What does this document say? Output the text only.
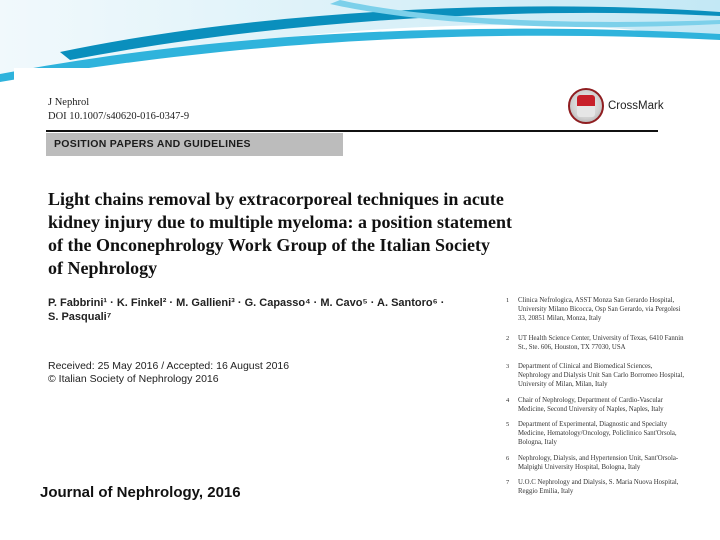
J Nephrol
DOI 10.1007/s40620-016-0347-9
CrossMark
POSITION PAPERS AND GUIDELINES
Light chains removal by extracorporeal techniques in acute
kidney injury due to multiple myeloma: a position statement
of the Onconephrology Work Group of the Italian Society
of Nephrology
P. Fabbrini¹ · K. Finkel² · M. Gallieni³ · G. Capasso⁴ · M. Cavo⁵ · A. Santoro⁶ ·
S. Pasquali⁷
Received: 25 May 2016 / Accepted: 16 August 2016
© Italian Society of Nephrology 2016
1	Clinica Nefrologica, ASST Monza San Gerardo Hospital,
University Milano Bicocca, Osp San Gerardo, via Pergolesi
33, 20851 Milan, Monza, Italy
2	UT Health Science Center, University of Texas, 6410 Fannin
St., Ste. 606, Houston, TX 77030, USA
3	Department of Clinical and Biomedical Sciences,
Nephrology and Dialysis Unit San Carlo Borromeo Hospital,
University of Milan, Milan, Italy
4	Chair of Nephrology, Department of Cardio-Vascular
Medicine, Second University of Naples, Naples, Italy
5	Department of Experimental, Diagnostic and Specialty
Medicine, Hematology/Oncology, Policlinico Sant'Orsola,
Bologna, Italy
6	Nephrology, Dialysis, and Hypertension Unit, Sant'Orsola-
Malpighi University Hospital, Bologna, Italy
7	U.O.C Nephrology and Dialysis, S. Maria Nuova Hospital,
Reggio Emilia, Italy
Journal of Nephrology, 2016
